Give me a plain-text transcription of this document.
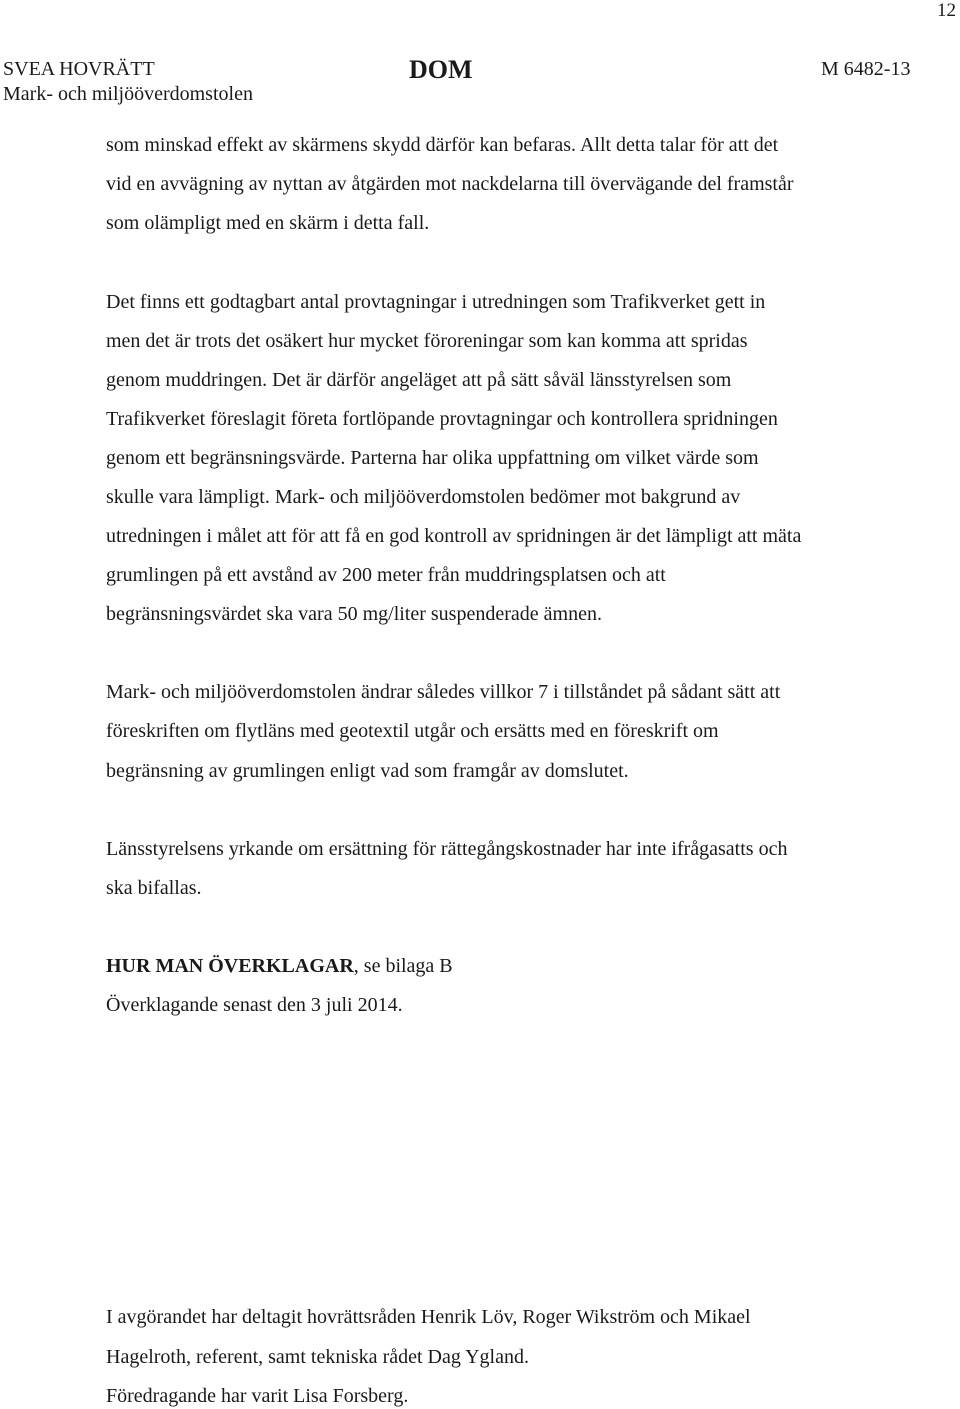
12
SVEA HOVRÄTT
Mark- och miljööverdomstolen
DOM	M 6482-13
som minskad effekt av skärmens skydd därför kan befaras. Allt detta talar för att det
vid en avvägning av nyttan av åtgärden mot nackdelarna till övervägande del framstår
som olämpligt med en skärm i detta fall.
Det finns ett godtagbart antal provtagningar i utredningen som Trafikverket gett in
men det är trots det osäkert hur mycket föroreningar som kan komma att spridas
genom muddringen. Det är därför angeläget att på sätt såväl länsstyrelsen som
Trafikverket föreslagit företa fortlöpande provtagningar och kontrollera spridningen
genom ett begränsningsvärde. Parterna har olika uppfattning om vilket värde som
skulle vara lämpligt. Mark- och miljööverdomstolen bedömer mot bakgrund av
utredningen i målet att för att få en god kontroll av spridningen är det lämpligt att mäta
grumlingen på ett avstånd av 200 meter från muddringsplatsen och att
begränsningsvärdet ska vara 50 mg/liter suspenderade ämnen.
Mark- och miljööverdomstolen ändrar således villkor 7 i tillståndet på sådant sätt att
föreskriften om flytläns med geotextil utgår och ersätts med en föreskrift om
begränsning av grumlingen enligt vad som framgår av domslutet.
Länsstyrelsens yrkande om ersättning för rättegångskostnader har inte ifrågasatts och
ska bifallas.
HUR MAN ÖVERKLAGAR, se bilaga B
Överklagande senast den 3 juli 2014.
I avgörandet har deltagit hovrättsråden Henrik Löv, Roger Wikström och Mikael
Hagelroth, referent, samt tekniska rådet Dag Ygland.
Föredragande har varit Lisa Forsberg.
